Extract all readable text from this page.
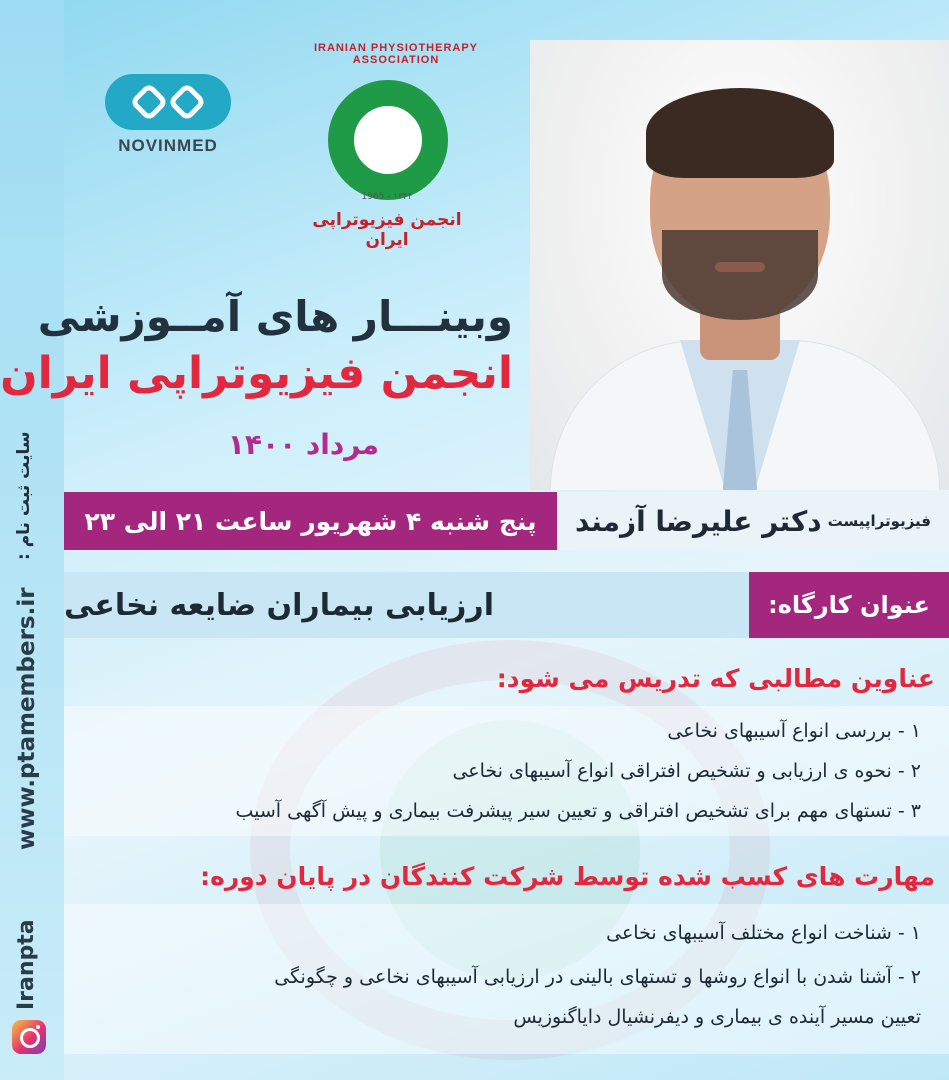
سایت ثبت نام :
www.ptamembers.ir
Iranpta
NOVINMED
IRANIAN PHYSIOTHERAPY ASSOCIATION
1965 - ۱۳۴۴
انجمن فیزیوتراپی ایران
وبینـــار های آمــوزشی
انجمن فیزیوتراپی ایران
مرداد ۱۴۰۰
فیزیوتراپیست
دکتر علیرضا آزمند
پنج شنبه ۴ شهریور ساعت ۲۱ الی ۲۳
عنوان کارگاه:
ارزیابی بیماران ضایعه نخاعی
عناوین مطالبی که تدریس می شود:
۱ - بررسی انواع آسیبهای نخاعی
۲ - نحوه ی ارزیابی و تشخیص افتراقی انواع آسیبهای نخاعی
۳ - تستهای مهم برای تشخیص افتراقی و تعیین سیر پیشرفت بیماری و پیش آگهی آسیب
مهارت های کسب شده توسط شرکت کنندگان در پایان دوره:
۱ - شناخت انواع مختلف آسیبهای نخاعی
۲ - آشنا شدن با انواع روشها و تستهای بالینی در ارزیابی آسیبهای نخاعی و چگونگی
تعیین مسیر آینده ی بیماری و دیفرنشیال دایاگنوزیس
